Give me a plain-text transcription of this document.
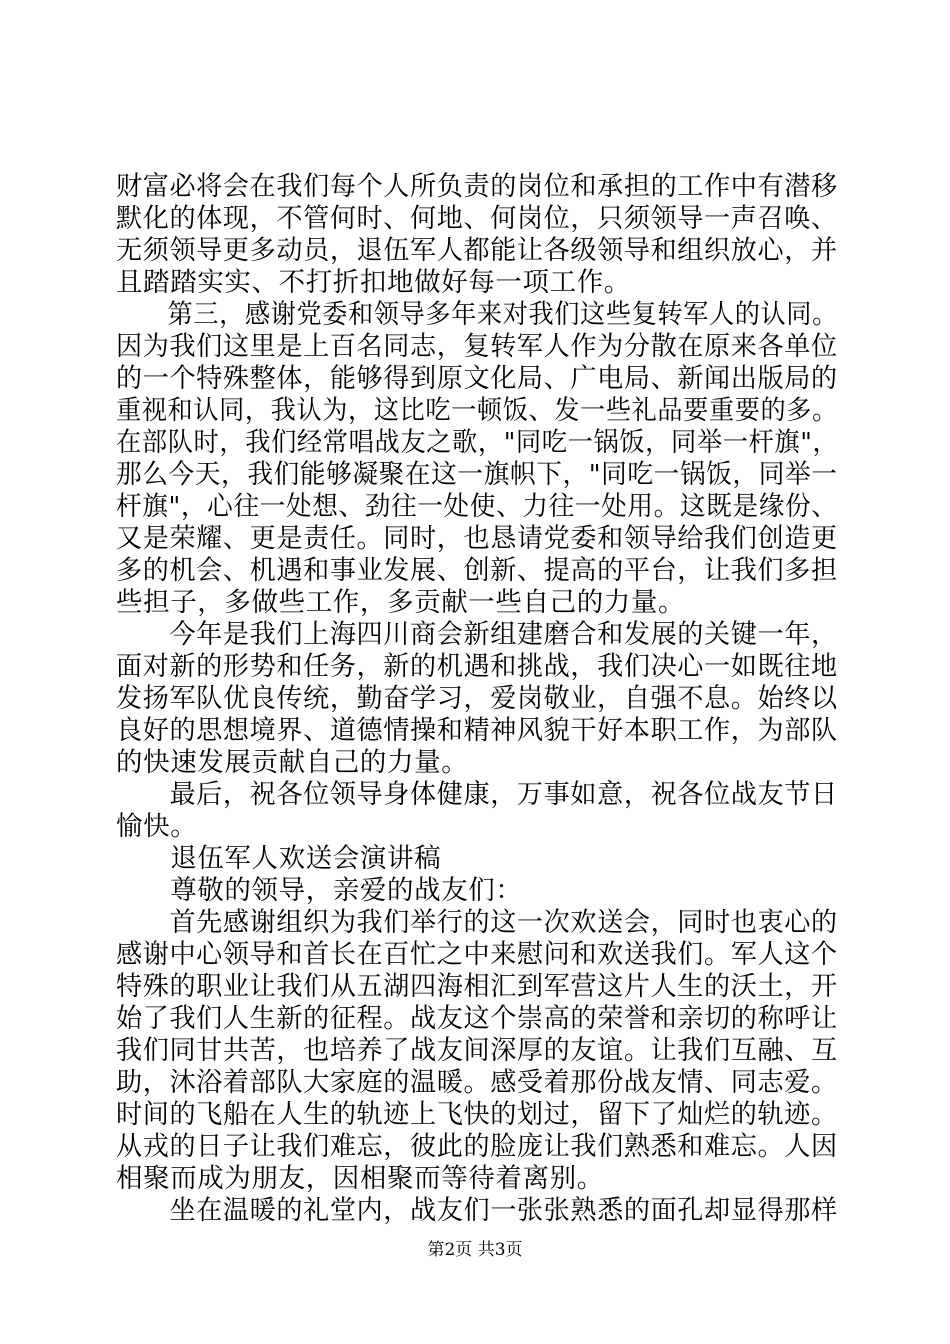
财富必将会在我们每个人所负责的岗位和承担的工作中有潜移
默化的体现，不管何时、何地、何岗位，只须领导一声召唤、
无须领导更多动员，退伍军人都能让各级领导和组织放心，并
且踏踏实实、不打折扣地做好每一项工作。
　　第三，感谢党委和领导多年来对我们这些复转军人的认同。
因为我们这里是上百名同志，复转军人作为分散在原来各单位
的一个特殊整体，能够得到原文化局、广电局、新闻出版局的
重视和认同，我认为，这比吃一顿饭、发一些礼品要重要的多。
在部队时，我们经常唱战友之歌，"同吃一锅饭，同举一杆旗"，
那么今天，我们能够凝聚在这一旗帜下，"同吃一锅饭，同举一
杆旗"，心往一处想、劲往一处使、力往一处用。这既是缘份、
又是荣耀、更是责任。同时，也恳请党委和领导给我们创造更
多的机会、机遇和事业发展、创新、提高的平台，让我们多担
些担子，多做些工作，多贡献一些自己的力量。
　　今年是我们上海四川商会新组建磨合和发展的关键一年，
面对新的形势和任务，新的机遇和挑战，我们决心一如既往地
发扬军队优良传统，勤奋学习，爱岗敬业，自强不息。始终以
良好的思想境界、道德情操和精神风貌干好本职工作，为部队
的快速发展贡献自己的力量。
　　最后，祝各位领导身体健康，万事如意，祝各位战友节日
愉快。
　　退伍军人欢送会演讲稿
　　尊敬的领导，亲爱的战友们：
　　首先感谢组织为我们举行的这一次欢送会，同时也衷心的
感谢中心领导和首长在百忙之中来慰问和欢送我们。军人这个
特殊的职业让我们从五湖四海相汇到军营这片人生的沃土，开
始了我们人生新的征程。战友这个崇高的荣誉和亲切的称呼让
我们同甘共苦，也培养了战友间深厚的友谊。让我们互融、互
助，沐浴着部队大家庭的温暖。感受着那份战友情、同志爱。
时间的飞船在人生的轨迹上飞快的划过，留下了灿烂的轨迹。
从戎的日子让我们难忘，彼此的脸庞让我们熟悉和难忘。人因
相聚而成为朋友，因相聚而等待着离别。
　　坐在温暖的礼堂内，战友们一张张熟悉的面孔却显得那样
第2页 共3页
